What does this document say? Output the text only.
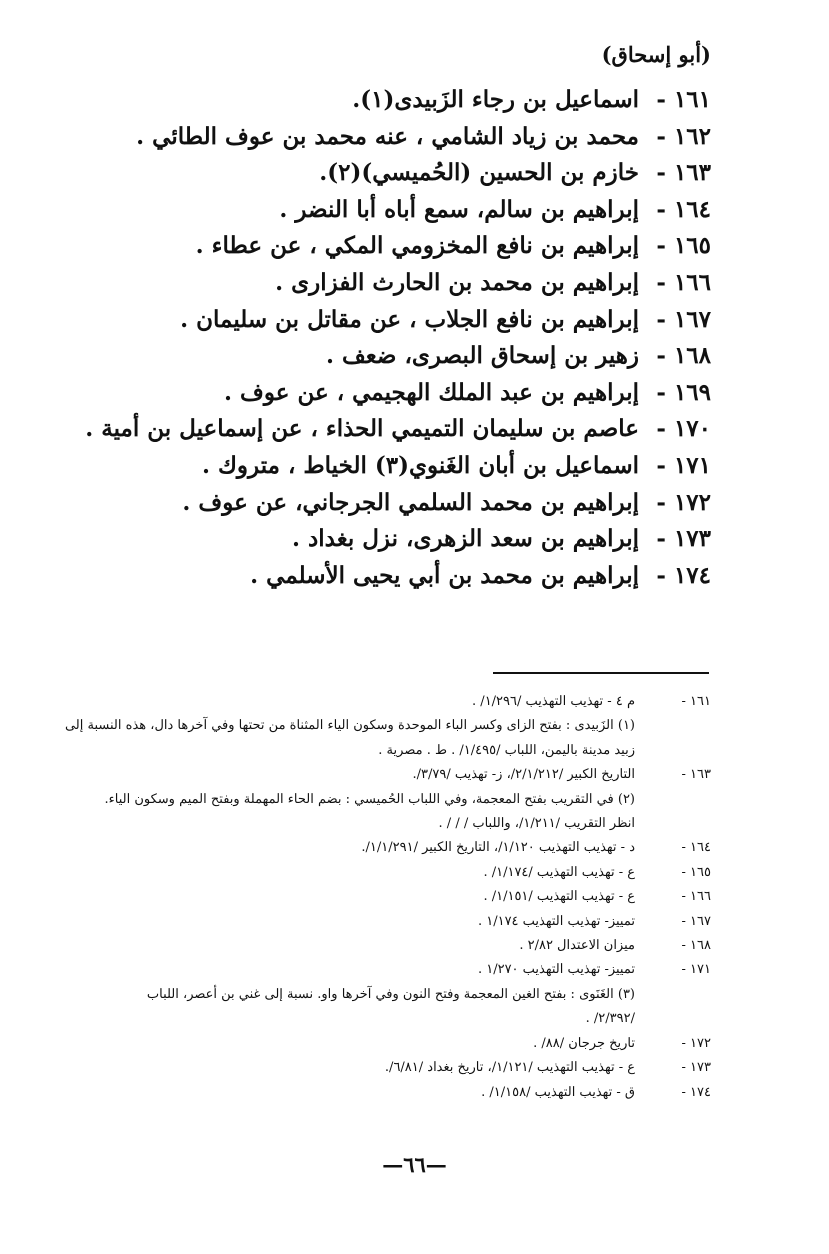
(أبو إسحاق)
١٦١ -
اسماعيل بن رجاء الزَبيدى(١).
١٦٢ -
محمد بن زياد الشامي ، عنه محمد بن عوف الطائي .
١٦٣ -
خازم بن الحسين (الحُميسي)(٢).
١٦٤ -
إبراهيم بن سالم، سمع أباه أبا النضر .
١٦٥ -
إبراهيم بن نافع المخزومي المكي ، عن عطاء .
١٦٦ -
إبراهيم بن محمد بن الحارث الفزارى .
١٦٧ -
إبراهيم بن نافع الجلاب ، عن مقاتل بن سليمان .
١٦٨ -
زهير بن إسحاق البصرى، ضعف .
١٦٩ -
إبراهيم بن عبد الملك الهجيمي ، عن عوف .
١٧٠ -
عاصم بن سليمان التميمي الحذاء ، عن إسماعيل بن أمية .
١٧١ -
اسماعيل بن أبان الغَنوي(٣) الخياط ، متروك .
١٧٢ -
إبراهيم بن محمد السلمي الجرجاني، عن عوف .
١٧٣ -
إبراهيم بن سعد الزهرى، نزل بغداد .
١٧٤ -
إبراهيم بن محمد بن أبي يحيى الأسلمي .
١٦١ -
م ٤ - تهذيب التهذيب /١/٢٩٦/ .
(١) الزَبيدى : بفتح الزاى وكسر الباء الموحدة وسكون الياء المثناة من تحتها وفي آخرها دال، هذه النسبة إلى
زبيد مدينة باليمن، اللباب /١/٤٩٥/ . ط . مصرية .
١٦٣ -
التاريخ الكبير /٢/١/٢١٢/، ز- تهذيب /٣/٧٩/.
(٢) في التقريب بفتح المعجمة، وفي اللباب الحُميسي : بضم الحاء المهملة وبفتح الميم وسكون الياء.
انظر التقريب /١/٢١١/، واللباب / / / .
١٦٤ -
د - تهذيب التهذيب ١/١٢٠/، التاريخ الكبير /١/١/٢٩١/.
١٦٥ -
ع - تهذيب التهذيب /١/١٧٤/ .
١٦٦ -
ع - تهذيب التهذيب /١/١٥١/ .
١٦٧ -
تمييز- تهذيب التهذيب ١/١٧٤ .
١٦٨ -
ميزان الاعتدال ٢/٨٢ .
١٧١ -
تمييز- تهذيب التهذيب ١/٢٧٠ .
(٣) الغَنَوى : بفتح الغين المعجمة وفتح النون وفي آخرها واو. نسبة إلى غني بن أعصر، اللباب
/٢/٣٩٢/ .
١٧٢ -
تاريخ جرجان /٨٨/ .
١٧٣ -
ع - تهذيب التهذيب /١/١٢١/، تاريخ بغداد /٦/٨١/.
١٧٤ -
ق - تهذيب التهذيب /١/١٥٨/ .
—٦٦—
